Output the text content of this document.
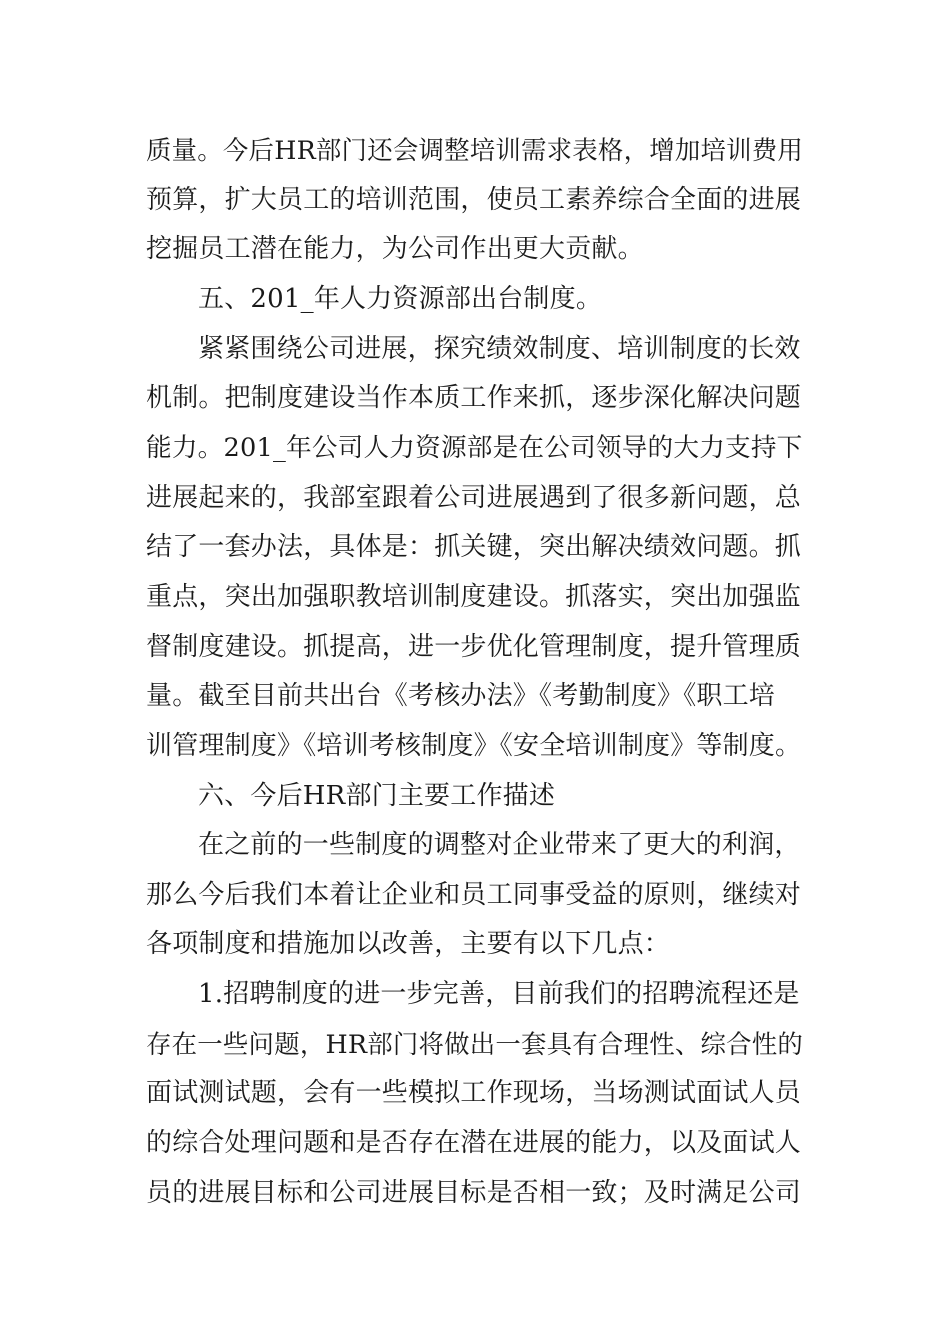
质量。今后HR部门还会调整培训需求表格，增加培训费用
预算，扩大员工的培训范围，使员工素养综合全面的进展
挖掘员工潜在能力，为公司作出更大贡献。
五、201_年人力资源部出台制度。
紧紧围绕公司进展，探究绩效制度、培训制度的长效
机制。把制度建设当作本质工作来抓，逐步深化解决问题
能力。201_年公司人力资源部是在公司领导的大力支持下
进展起来的，我部室跟着公司进展遇到了很多新问题，总
结了一套办法，具体是：抓关键，突出解决绩效问题。抓
重点，突出加强职教培训制度建设。抓落实，突出加强监
督制度建设。抓提高，进一步优化管理制度，提升管理质
量。截至目前共出台《考核办法》《考勤制度》《职工培
训管理制度》《培训考核制度》《安全培训制度》等制度。
六、今后HR部门主要工作描述
在之前的一些制度的调整对企业带来了更大的利润，
那么今后我们本着让企业和员工同事受益的原则，继续对
各项制度和措施加以改善，主要有以下几点：
1.招聘制度的进一步完善，目前我们的招聘流程还是
存在一些问题，HR部门将做出一套具有合理性、综合性的
面试测试题，会有一些模拟工作现场，当场测试面试人员
的综合处理问题和是否存在潜在进展的能力，以及面试人
员的进展目标和公司进展目标是否相一致；及时满足公司
